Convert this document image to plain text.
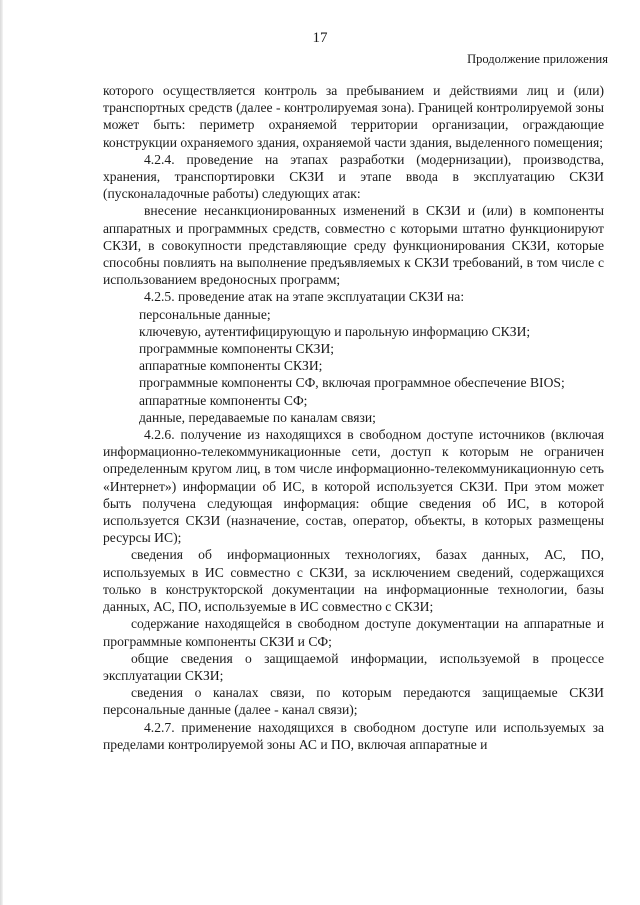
17
Продолжение приложения

которого осуществляется контроль за пребыванием и действиями лиц и (или) транспортных средств (далее - контролируемая зона). Границей контролируемой зоны может быть: периметр охраняемой территории организации, ограждающие конструкции охраняемого здания, охраняемой части здания, выделенного помещения;

4.2.4. проведение на этапах разработки (модернизации), производства, хранения, транспортировки СКЗИ и этапе ввода в эксплуатацию СКЗИ (пусконаладочные работы) следующих атак:

внесение несанкционированных изменений в СКЗИ и (или) в компоненты аппаратных и программных средств, совместно с которыми штатно функционируют СКЗИ, в совокупности представляющие среду функционирования СКЗИ, которые способны повлиять на выполнение предъявляемых к СКЗИ требований, в том числе с использованием вредоносных программ;

4.2.5. проведение атак на этапе эксплуатации СКЗИ на:

персональные данные;

ключевую, аутентифицирующую и парольную информацию СКЗИ;

программные компоненты СКЗИ;

аппаратные компоненты СКЗИ;

программные компоненты СФ, включая программное обеспечение BIOS;

аппаратные компоненты СФ;

данные, передаваемые по каналам связи;

4.2.6. получение из находящихся в свободном доступе источников (включая информационно-телекоммуникационные сети, доступ к которым не ограничен определенным кругом лиц, в том числе информационно-телекоммуникационную сеть «Интернет») информации об ИС, в которой используется СКЗИ. При этом может быть получена следующая информация: общие сведения об ИС, в которой используется СКЗИ (назначение, состав, оператор, объекты, в которых размещены ресурсы ИС);

сведения об информационных технологиях, базах данных, АС, ПО, используемых в ИС совместно с СКЗИ, за исключением сведений, содержащихся только в конструкторской документации на информационные технологии, базы данных, АС, ПО, используемые в ИС совместно с СКЗИ;

содержание находящейся в свободном доступе документации на аппаратные и программные компоненты СКЗИ и СФ;

общие сведения о защищаемой информации, используемой в процессе эксплуатации СКЗИ;

сведения о каналах связи, по которым передаются защищаемые СКЗИ персональные данные (далее - канал связи);

4.2.7. применение находящихся в свободном доступе или используемых за пределами контролируемой зоны АС и ПО, включая аппаратные и
